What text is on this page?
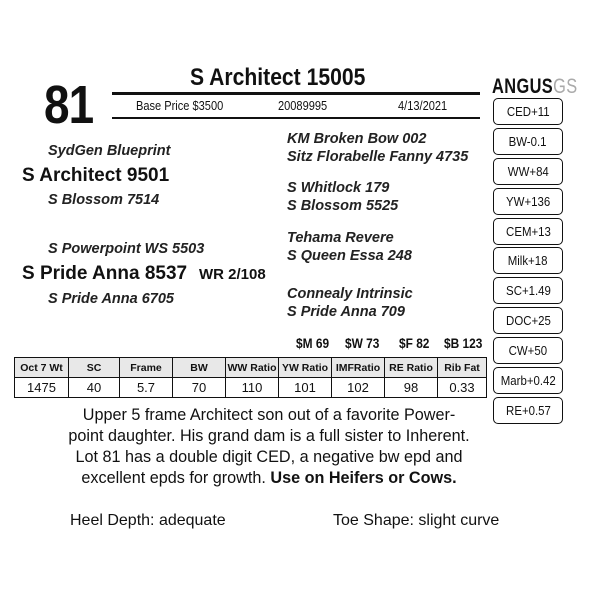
81	S Architect 15005
Base Price $3500	20089995	4/13/2021
ANGUSGS
CED+11
BW-0.1
WW+84
YW+136
CEM+13
Milk+18
SC+1.49
DOC+25
CW+50
Marb+0.42
RE+0.57
SydGen Blueprint
S Architect 9501
S Blossom 7514
S Powerpoint WS 5503
S Pride Anna 8537 WR 2/108
S Pride Anna 6705
KM Broken Bow 002
Sitz Florabelle Fanny 4735
S Whitlock 179
S Blossom 5525
Tehama Revere
S Queen Essa 248
Connealy Intrinsic
S Pride Anna 709
$M 69 $W 73 $F 82 $B 123
Oct 7 Wt	SC	Frame	BW	WW Ratio	YW Ratio	IMFRatio	RE Ratio	Rib Fat
1475	40	5.7	70	110	101	102	98	0.33
Upper 5 frame Architect son out of a favorite Power-
point daughter. His grand dam is a full sister to Inherent.
Lot 81 has a double digit CED, a negative bw epd and
excellent epds for growth. Use on Heifers or Cows.
Heel Depth: adequate	Toe Shape: slight curve
